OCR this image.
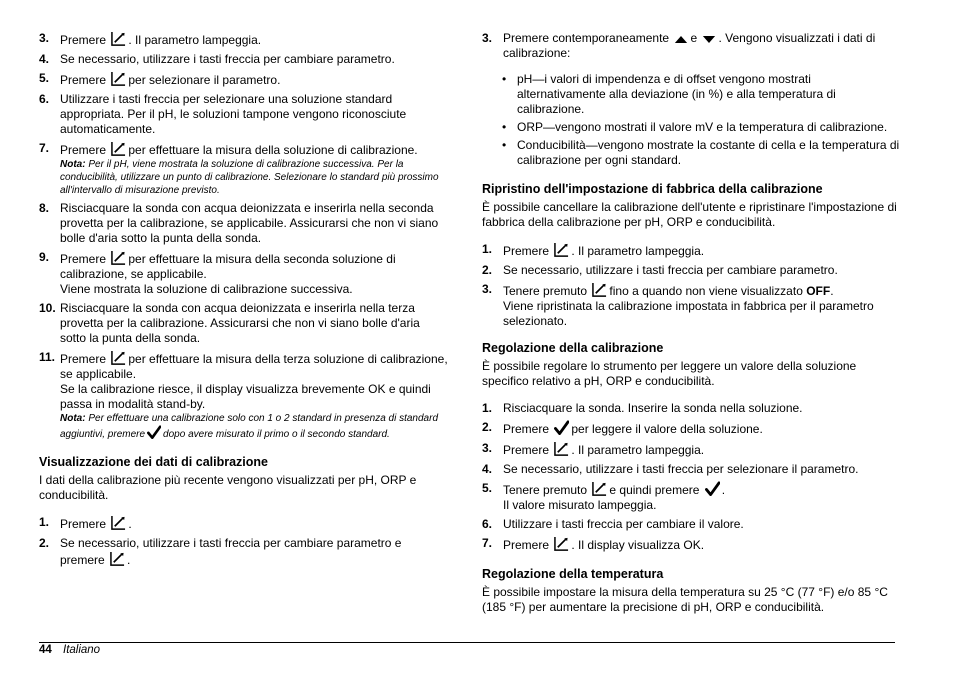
3. Premere . Il parametro lampeggia.
4. Se necessario, utilizzare i tasti freccia per cambiare parametro.
5. Premere per selezionare il parametro.
6. Utilizzare i tasti freccia per selezionare una soluzione standard appropriata. Per il pH, le soluzioni tampone vengono riconosciute automaticamente.
7. Premere per effettuare la misura della soluzione di calibrazione.
Nota: Per il pH, viene mostrata la soluzione di calibrazione successiva. Per la conducibilità, utilizzare un punto di calibrazione. Selezionare lo standard più prossimo all'intervallo di misurazione previsto.
8. Risciacquare la sonda con acqua deionizzata e inserirla nella seconda provetta per la calibrazione, se applicabile. Assicurarsi che non vi siano bolle d'aria sotto la punta della sonda.
9. Premere per effettuare la misura della seconda soluzione di calibrazione, se applicabile.
Viene mostrata la soluzione di calibrazione successiva.
10. Risciacquare la sonda con acqua deionizzata e inserirla nella terza provetta per la calibrazione. Assicurarsi che non vi siano bolle d'aria sotto la punta della sonda.
11. Premere per effettuare la misura della terza soluzione di calibrazione, se applicabile.
Se la calibrazione riesce, il display visualizza brevemente OK e quindi passa in modalità stand-by.
Nota: Per effettuare una calibrazione solo con 1 o 2 standard in presenza di standard aggiuntivi, premere dopo avere misurato il primo o il secondo standard.
Visualizzazione dei dati di calibrazione
I dati della calibrazione più recente vengono visualizzati per pH, ORP e conducibilità.
1. Premere .
2. Se necessario, utilizzare i tasti freccia per cambiare parametro e premere .
3. Premere contemporaneamente e . Vengono visualizzati i dati di calibrazione:
• pH—i valori di impendenza e di offset vengono mostrati alternativamente alla deviazione (in %) e alla temperatura di calibrazione.
• ORP—vengono mostrati il valore mV e la temperatura di calibrazione.
• Conducibilità—vengono mostrate la costante di cella e la temperatura di calibrazione per ogni standard.
Ripristino dell'impostazione di fabbrica della calibrazione
È possibile cancellare la calibrazione dell'utente e ripristinare l'impostazione di fabbrica della calibrazione per pH, ORP e conducibilità.
1. Premere . Il parametro lampeggia.
2. Se necessario, utilizzare i tasti freccia per cambiare parametro.
3. Tenere premuto fino a quando non viene visualizzato OFF.
Viene ripristinata la calibrazione impostata in fabbrica per il parametro selezionato.
Regolazione della calibrazione
È possibile regolare lo strumento per leggere un valore della soluzione specifico relativo a pH, ORP e conducibilità.
1. Risciacquare la sonda. Inserire la sonda nella soluzione.
2. Premere per leggere il valore della soluzione.
3. Premere . Il parametro lampeggia.
4. Se necessario, utilizzare i tasti freccia per selezionare il parametro.
5. Tenere premuto e quindi premere .
Il valore misurato lampeggia.
6. Utilizzare i tasti freccia per cambiare il valore.
7. Premere . Il display visualizza OK.
Regolazione della temperatura
È possibile impostare la misura della temperatura su 25 °C (77 °F) e/o 85 °C (185 °F) per aumentare la precisione di pH, ORP e conducibilità.
44 Italiano
